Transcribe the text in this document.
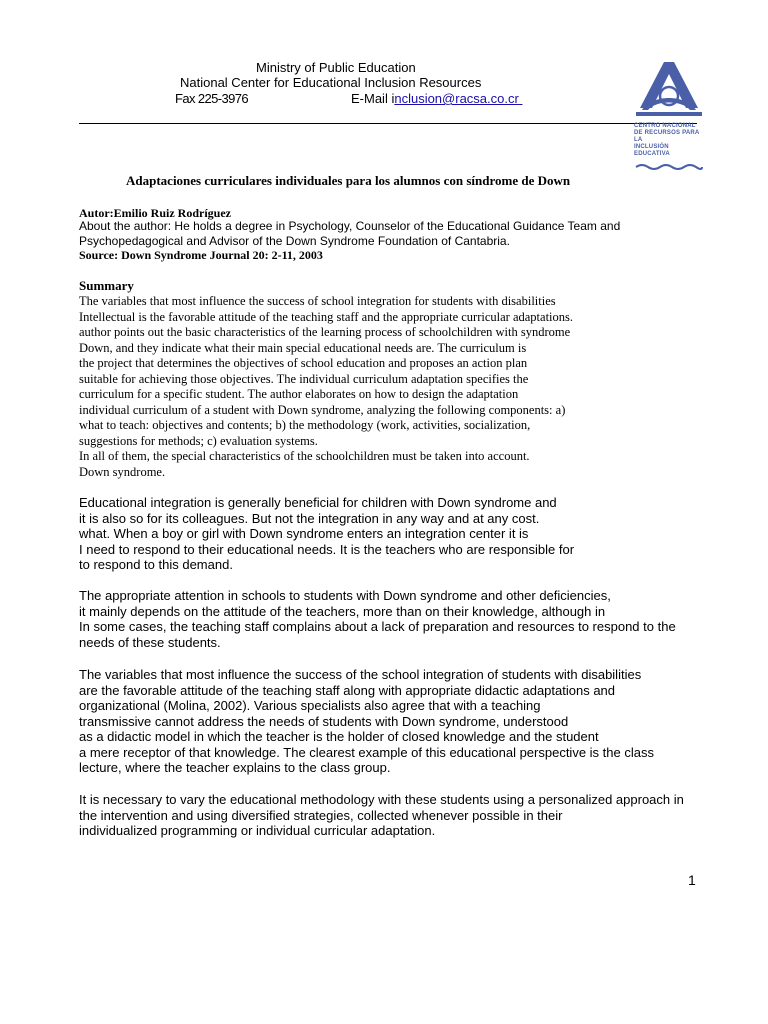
Ministry of Public Education
National Center for Educational Inclusion Resources
Fax 225-3976	E-Mail inclusion@racsa.co.cr
CENTRO NACIONAL
DE RECURSOS PARA LA
INCLUSIÓN EDUCATIVA
Adaptaciones curriculares individuales para los alumnos con síndrome de Down
Autor:Emilio Ruiz Rodríguez
About the author: He holds a degree in Psychology, Counselor of the Educational Guidance Team and
Psychopedagogical and Advisor of the Down Syndrome Foundation of Cantabria.
Source: Down Syndrome Journal 20: 2-11, 2003
Summary
The variables that most influence the success of school integration for students with disabilities
Intellectual is the favorable attitude of the teaching staff and the appropriate curricular adaptations.
author points out the basic characteristics of the learning process of schoolchildren with syndrome
Down, and they indicate what their main special educational needs are. The curriculum is
the project that determines the objectives of school education and proposes an action plan
suitable for achieving those objectives. The individual curriculum adaptation specifies the
curriculum for a specific student. The author elaborates on how to design the adaptation
individual curriculum of a student with Down syndrome, analyzing the following components: a)
what to teach: objectives and contents; b) the methodology (work, activities, socialization,
suggestions for methods; c) evaluation systems.
In all of them, the special characteristics of the schoolchildren must be taken into account.
Down syndrome.
Educational integration is generally beneficial for children with Down syndrome and
it is also so for its colleagues. But not the integration in any way and at any cost.
what. When a boy or girl with Down syndrome enters an integration center it is
I need to respond to their educational needs. It is the teachers who are responsible for
to respond to this demand.
The appropriate attention in schools to students with Down syndrome and other deficiencies,
it mainly depends on the attitude of the teachers, more than on their knowledge, although in
In some cases, the teaching staff complains about a lack of preparation and resources to respond to the
needs of these students.
The variables that most influence the success of the school integration of students with disabilities
are the favorable attitude of the teaching staff along with appropriate didactic adaptations and
organizational (Molina, 2002). Various specialists also agree that with a teaching
transmissive cannot address the needs of students with Down syndrome, understood
as a didactic model in which the teacher is the holder of closed knowledge and the student
a mere receptor of that knowledge. The clearest example of this educational perspective is the class
lecture, where the teacher explains to the class group.
It is necessary to vary the educational methodology with these students using a personalized approach in
the intervention and using diversified strategies, collected whenever possible in their
individualized programming or individual curricular adaptation.
1
